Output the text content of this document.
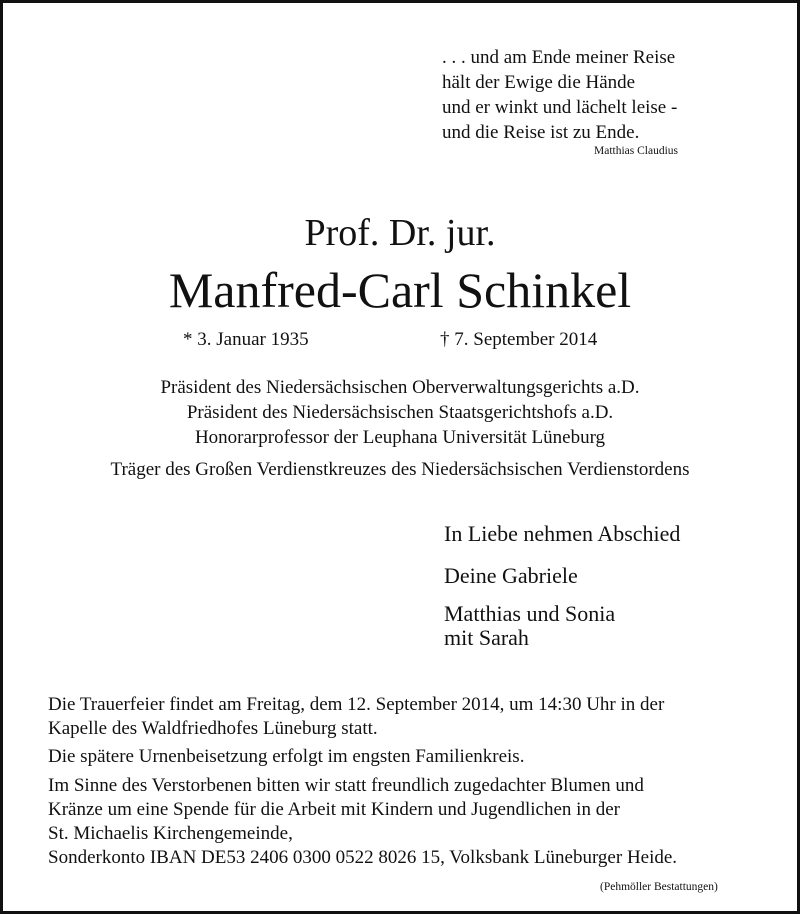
. . . und am Ende meiner Reise
hält der Ewige die Hände
und er winkt und lächelt leise -
und die Reise ist zu Ende.
Matthias Claudius
Prof. Dr. jur.
Manfred-Carl Schinkel
* 3. Januar 1935	† 7. September 2014
Präsident des Niedersächsischen Oberverwaltungsgerichts a.D.
Präsident des Niedersächsischen Staatsgerichtshofs a.D.
Honorarprofessor der Leuphana Universität Lüneburg
Träger des Großen Verdienstkreuzes des Niedersächsischen Verdienstordens
In Liebe nehmen Abschied
Deine Gabriele
Matthias und Sonia
mit Sarah
Die Trauerfeier findet am Freitag, dem 12. September 2014, um 14:30 Uhr in der
Kapelle des Waldfriedhofes Lüneburg statt.
Die spätere Urnenbeisetzung erfolgt im engsten Familienkreis.
Im Sinne des Verstorbenen bitten wir statt freundlich zugedachter Blumen und
Kränze um eine Spende für die Arbeit mit Kindern und Jugendlichen in der
St. Michaelis Kirchengemeinde,
Sonderkonto IBAN DE53 2406 0300 0522 8026 15, Volksbank Lüneburger Heide.
(Pehmöller Bestattungen)
